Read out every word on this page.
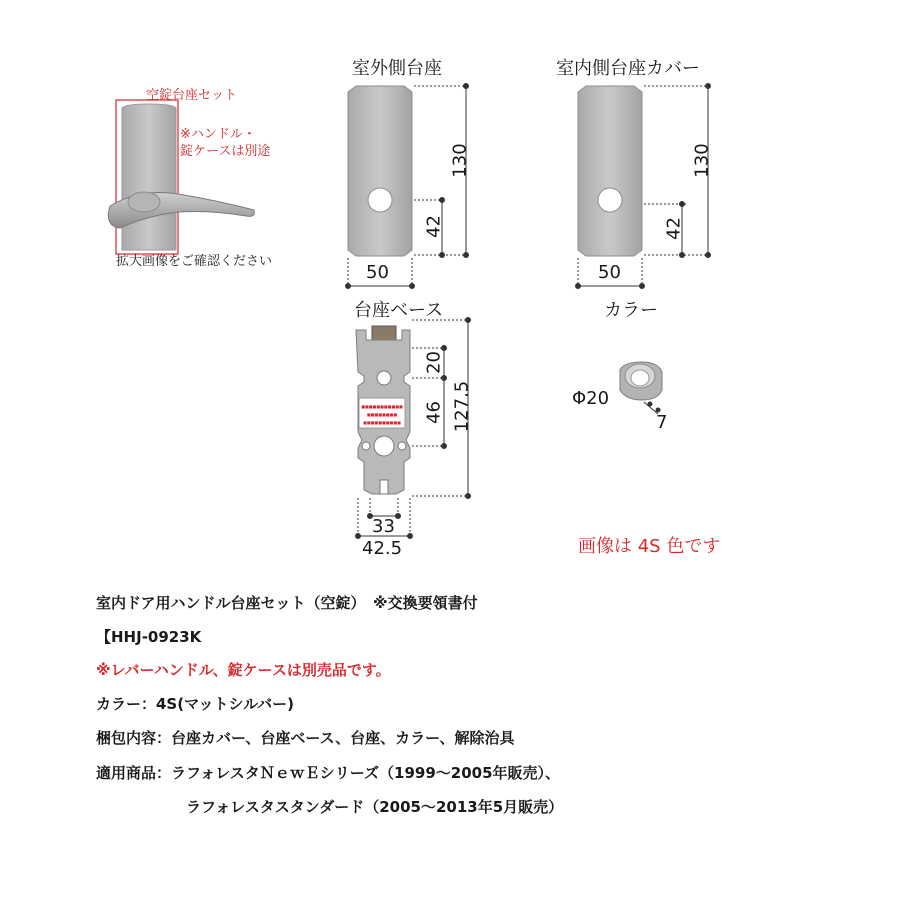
■■■■■■■■■■■
■■■■■■■■
■■■■■■■■■■
空錠台座セット
※ハンドル・
錠ケースは別途
拡大画像をご確認ください
室外側台座
130
42
50
室内側台座カバー
130
42
50
台座ベース
20
46 127.5
33
42.5
カラー
Φ20
7
画像は 4S 色です
室内ドア用ハンドル台座セット（空錠）　※交換要領書付
【HHJ-0923K
※レバーハンドル、錠ケースは別売品です。
カラー：4S(マットシルバー)
梱包内容：台座カバー、台座ベース、台座、カラー、解除治具
適用商品：ラフォレスタＮｅｗＥシリーズ（1999～2005年販売）、
ラフォレスタスタンダード（2005～2013年5月販売）
